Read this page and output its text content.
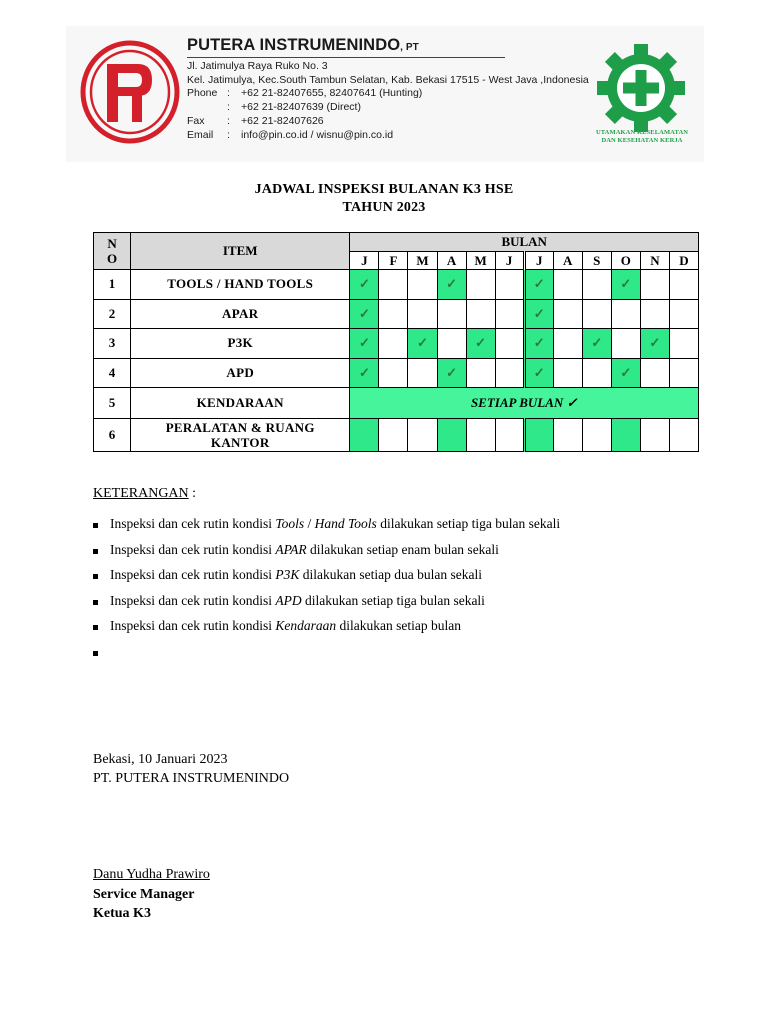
PI	PUTERA INSTRUMENINDO, PT
Jl. Jatimulya Raya Ruko No. 3
Kel. Jatimulya, Kec.South Tambun Selatan, Kab. Bekasi 17515 - West Java ,Indonesia
Phone :	+62 21-82407655, 82407641 (Hunting)
:	+62 21-82407639 (Direct)
Fax	:	+62 21-82407626
Email	:	info@pin.co.id / wisnu@pin.co.id	UTAMAKAN KESELAMATAN
DAN KESEHATAN KERJA
JADWAL INSPEKSI BULANAN K3 HSE
TAHUN 2023
N
O	ITEM	BULAN											
		J	F	M	A	M	J	J	A	S	O	N	D
1	TOOLS / HAND TOOLS	✓			✓			✓			✓		
2	APAR	✓						✓					
3	P3K	✓		✓		✓		✓		✓		✓	
4	APD	✓			✓			✓			✓		
5	KENDARAAN	SETIAP BULAN ✓											
6	PERALATAN & RUANG
KANTOR												

KETERANGAN :
Inspeksi dan cek rutin kondisi Tools / Hand Tools dilakukan setiap tiga bulan sekali
Inspeksi dan cek rutin kondisi APAR dilakukan setiap enam bulan sekali
Inspeksi dan cek rutin kondisi P3K dilakukan setiap dua bulan sekali
Inspeksi dan cek rutin kondisi APD dilakukan setiap tiga bulan sekali
Inspeksi dan cek rutin kondisi Kendaraan dilakukan setiap bulan
Bekasi, 10 Januari 2023
PT. PUTERA INSTRUMENINDO
Danu Yudha Prawiro
Service Manager
Ketua K3
